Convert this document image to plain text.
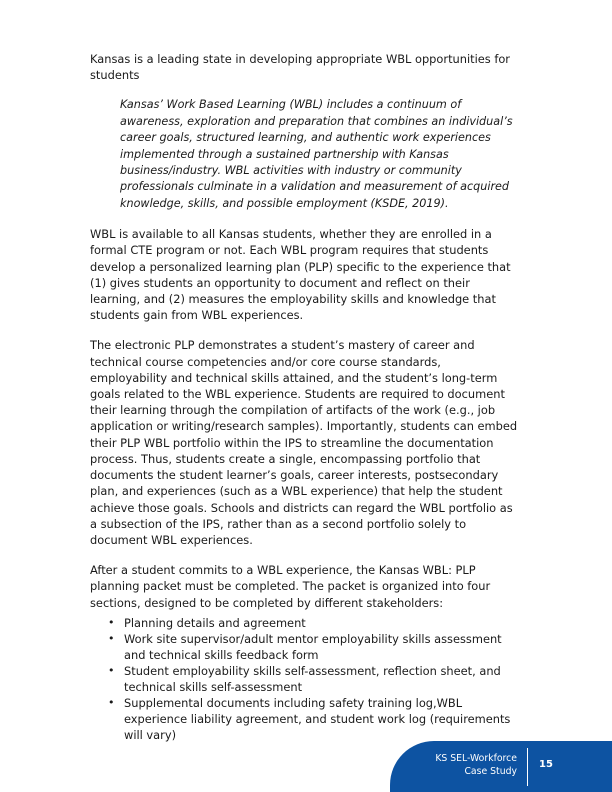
Kansas is a leading state in developing appropriate WBL opportunities for students

Kansas’ Work Based Learning (WBL) includes a continuum of awareness, exploration and preparation that combines an individual’s career goals, structured learning, and authentic work experiences implemented through a sustained partnership with Kansas business/industry. WBL activities with industry or community professionals culminate in a validation and measurement of acquired knowledge, skills, and possible employment (KSDE, 2019).

WBL is available to all Kansas students, whether they are enrolled in a formal CTE program or not. Each WBL program requires that students develop a personalized learning plan (PLP) specific to the experience that (1) gives students an opportunity to document and reflect on their learning, and (2) measures the employability skills and knowledge that students gain from WBL experiences.

The electronic PLP demonstrates a student’s mastery of career and technical course competencies and/or core course standards, employability and technical skills attained, and the student’s long-term goals related to the WBL experience. Students are required to document their learning through the compilation of artifacts of the work (e.g., job application or writing/research samples). Importantly, students can embed their PLP WBL portfolio within the IPS to streamline the documentation process. Thus, students create a single, encompassing portfolio that documents the student learner’s goals, career interests, postsecondary plan, and experiences (such as a WBL experience) that help the student achieve those goals. Schools and districts can regard the WBL portfolio as a subsection of the IPS, rather than as a second portfolio solely to document WBL experiences.

After a student commits to a WBL experience, the Kansas WBL: PLP planning packet must be completed. The packet is organized into four sections, designed to be completed by different stakeholders:

• Planning details and agreement
• Work site supervisor/adult mentor employability skills assessment and technical skills feedback form
• Student employability skills self-assessment, reflection sheet, and technical skills self-assessment
• Supplemental documents including safety training log,WBL experience liability agreement, and student work log (requirements will vary)
KS SEL-Workforce
Case Study
15
